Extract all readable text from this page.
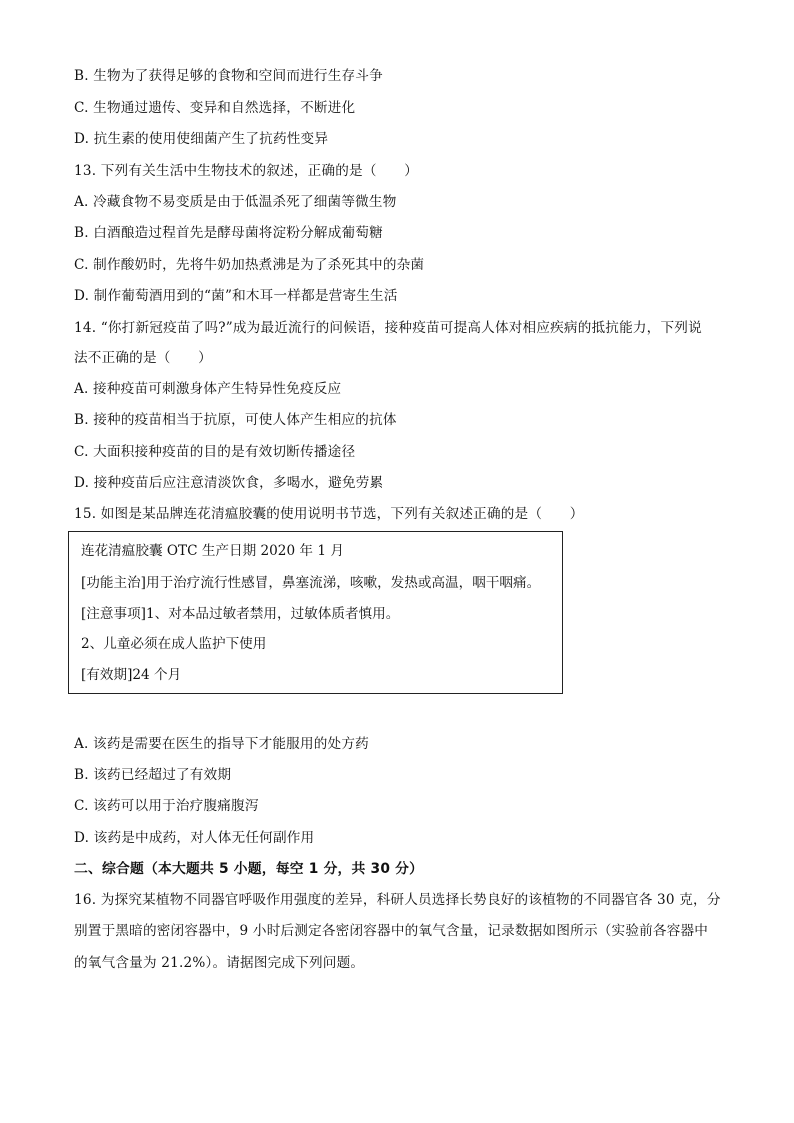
B. 生物为了获得足够的食物和空间而进行生存斗争
C. 生物通过遗传、变异和自然选择，不断进化
D. 抗生素的使用使细菌产生了抗药性变异
13. 下列有关生活中生物技术的叙述，正确的是（　　）
A. 冷藏食物不易变质是由于低温杀死了细菌等微生物
B. 白酒酿造过程首先是酵母菌将淀粉分解成葡萄糖
C. 制作酸奶时，先将牛奶加热煮沸是为了杀死其中的杂菌
D. 制作葡萄酒用到的“菌”和木耳一样都是营寄生生活
14. “你打新冠疫苗了吗?”成为最近流行的问候语，接种疫苗可提高人体对相应疾病的抵抗能力，下列说
法不正确的是（　　）
A. 接种疫苗可刺激身体产生特异性免疫反应
B. 接种的疫苗相当于抗原，可使人体产生相应的抗体
C. 大面积接种疫苗的目的是有效切断传播途径
D. 接种疫苗后应注意清淡饮食，多喝水，避免劳累
15. 如图是某品牌连花清瘟胶囊的使用说明书节选，下列有关叙述正确的是（　　）
连花清瘟胶囊 OTC 生产日期 2020 年 1 月
[功能主治]用于治疗流行性感冒，鼻塞流涕，咳嗽，发热或高温，咽干咽痛。
[注意事项]1、对本品过敏者禁用，过敏体质者慎用。
2、儿童必须在成人监护下使用
[有效期]24 个月
A. 该药是需要在医生的指导下才能服用的处方药
B. 该药已经超过了有效期
C. 该药可以用于治疗腹痛腹泻
D. 该药是中成药，对人体无任何副作用
二、综合题（本大题共 5 小题，每空 1 分，共 30 分）
16. 为探究某植物不同器官呼吸作用强度的差异，科研人员选择长势良好的该植物的不同器官各 30 克，分
别置于黑暗的密闭容器中，9 小时后测定各密闭容器中的氧气含量，记录数据如图所示（实验前各容器中
的氧气含量为 21.2%）。请据图完成下列问题。
